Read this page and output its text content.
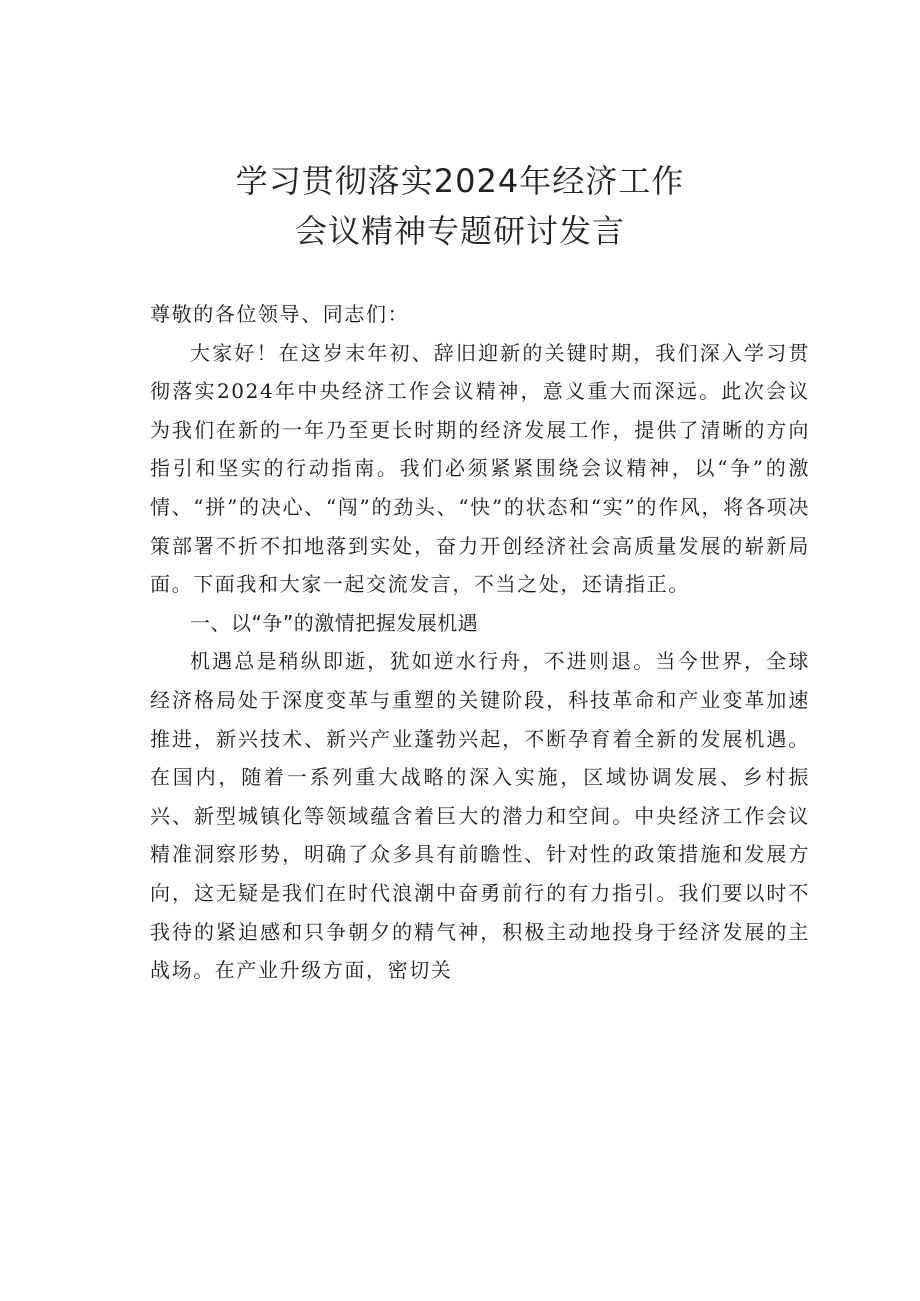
学习贯彻落实2024年经济工作
会议精神专题研讨发言

尊敬的各位领导、同志们：

大家好！在这岁末年初、辞旧迎新的关键时期，我们深入学习贯彻落实2024年中央经济工作会议精神，意义重大而深远。此次会议为我们在新的一年乃至更长时期的经济发展工作，提供了清晰的方向指引和坚实的行动指南。我们必须紧紧围绕会议精神，以“争”的激情、“拼”的决心、“闯”的劲头、“快”的状态和“实”的作风，将各项决策部署不折不扣地落到实处，奋力开创经济社会高质量发展的崭新局面。下面我和大家一起交流发言，不当之处，还请指正。

一、以“争”的激情把握发展机遇

机遇总是稍纵即逝，犹如逆水行舟，不进则退。当今世界，全球经济格局处于深度变革与重塑的关键阶段，科技革命和产业变革加速推进，新兴技术、新兴产业蓬勃兴起，不断孕育着全新的发展机遇。在国内，随着一系列重大战略的深入实施，区域协调发展、乡村振兴、新型城镇化等领域蕴含着巨大的潜力和空间。中央经济工作会议精准洞察形势，明确了众多具有前瞻性、针对性的政策措施和发展方向，这无疑是我们在时代浪潮中奋勇前行的有力指引。我们要以时不我待的紧迫感和只争朝夕的精气神，积极主动地投身于经济发展的主战场。在产业升级方面，密切关
